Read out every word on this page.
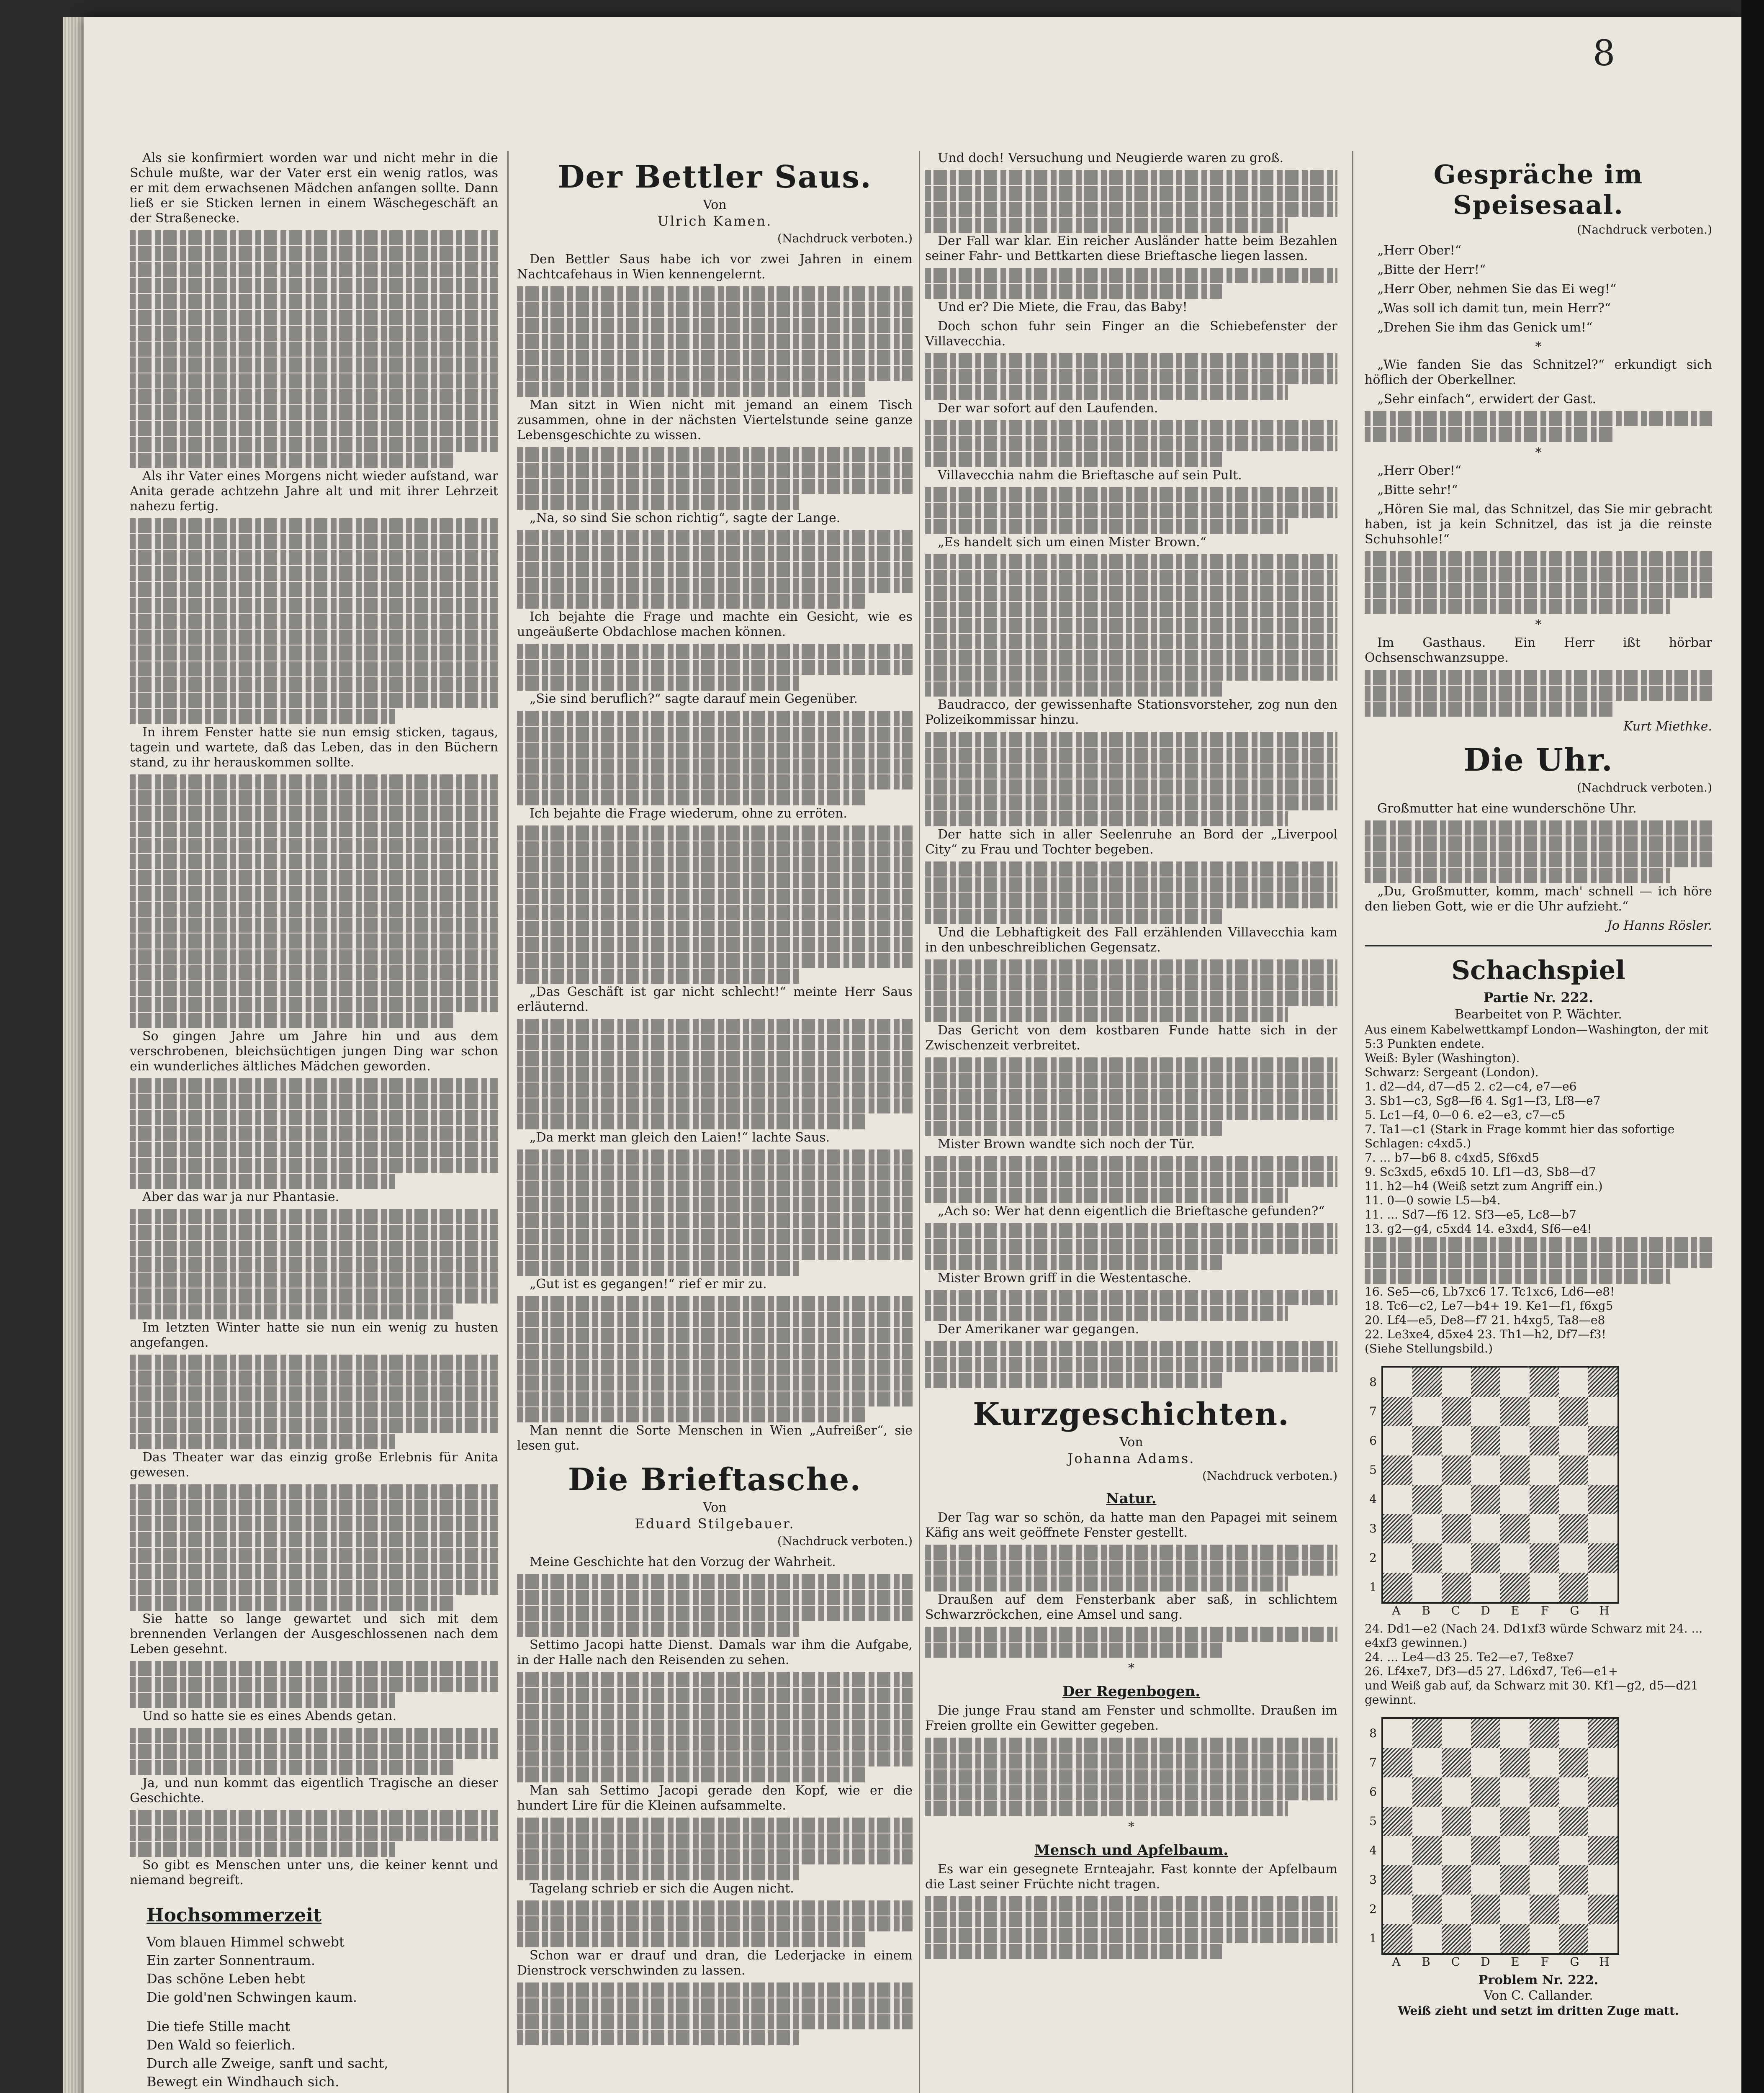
8

Als sie konfirmiert worden war und nicht mehr in die Schule mußte, war der Vater erst ein wenig ratlos, was er mit dem erwachsenen Mädchen anfangen sollte. Dann ließ er sie Sticken lernen in einem Wäschegeschäft an der Straßenecke.

Als ihr Vater eines Morgens nicht wieder aufstand, war Anita gerade achtzehn Jahre alt und mit ihrer Lehrzeit nahezu fertig.

In ihrem Fenster hatte sie nun emsig sticken, tagaus, tagein und wartete, daß das Leben, das in den Büchern stand, zu ihr herauskommen sollte.

So gingen Jahre um Jahre hin und aus dem verschrobenen, bleichsüchtigen jungen Ding war schon ein wunderliches ältliches Mädchen geworden.

Aber das war ja nur Phantasie.

Im letzten Winter hatte sie nun ein wenig zu husten angefangen.

Das Theater war das einzig große Erlebnis für Anita gewesen.

Sie hatte so lange gewartet und sich mit dem brennenden Verlangen der Ausgeschlossenen nach dem Leben gesehnt.

Und so hatte sie es eines Abends getan.

Ja, und nun kommt das eigentlich Tragische an dieser Geschichte.

So gibt es Menschen unter uns, die keiner kennt und niemand begreift.

Hochsommerzeit
Vom blauen Himmel schwebt
Ein zarter Sonnentraum.
Das schöne Leben hebt
Die gold'nen Schwingen kaum.
Die tiefe Stille macht
Den Wald so feierlich.
Durch alle Zweige, sanft und sacht,
Bewegt ein Windhauch sich.
Der Bettler Saus.
Von
Ulrich Kamen.
(Nachdruck verboten.)

Den Bettler Saus habe ich vor zwei Jahren in einem Nachtcafehaus in Wien kennengelernt.

Man sitzt in Wien nicht mit jemand an einem Tisch zusammen, ohne in der nächsten Viertelstunde seine ganze Lebensgeschichte zu wissen.

„Na, so sind Sie schon richtig“, sagte der Lange.

Ich bejahte die Frage und machte ein Gesicht, wie es ungeäußerte Obdachlose machen können.

„Sie sind beruflich?“ sagte darauf mein Gegenüber.

Ich bejahte die Frage wiederum, ohne zu erröten.

„Das Geschäft ist gar nicht schlecht!“ meinte Herr Saus erläuternd.

„Da merkt man gleich den Laien!“ lachte Saus.

„Gut ist es gegangen!“ rief er mir zu.

Man nennt die Sorte Menschen in Wien „Aufreißer“, sie lesen gut.

Die Brieftasche.
Von
Eduard Stilgebauer.
(Nachdruck verboten.)

Meine Geschichte hat den Vorzug der Wahrheit.

Settimo Jacopi hatte Dienst. Damals war ihm die Aufgabe, in der Halle nach den Reisenden zu sehen.

Man sah Settimo Jacopi gerade den Kopf, wie er die hundert Lire für die Kleinen aufsammelte.

Tagelang schrieb er sich die Augen nicht.

Schon war er drauf und dran, die Lederjacke in einem Dienstrock verschwinden zu lassen.

Und doch! Versuchung und Neugierde waren zu groß.

Der Fall war klar. Ein reicher Ausländer hatte beim Bezahlen seiner Fahr- und Bettkarten diese Brieftasche liegen lassen.

Und er? Die Miete, die Frau, das Baby!

Doch schon fuhr sein Finger an die Schiebefenster der Villavecchia.

Der war sofort auf den Laufenden.

Villavecchia nahm die Brieftasche auf sein Pult.

„Es handelt sich um einen Mister Brown.“

Baudracco, der gewissenhafte Stationsvorsteher, zog nun den Polizeikommissar hinzu.

Der hatte sich in aller Seelenruhe an Bord der „Liverpool City“ zu Frau und Tochter begeben.

Und die Lebhaftigkeit des Fall erzählenden Villavecchia kam in den unbeschreiblichen Gegensatz.

Das Gericht von dem kostbaren Funde hatte sich in der Zwischenzeit verbreitet.

Mister Brown wandte sich noch der Tür.

„Ach so: Wer hat denn eigentlich die Brieftasche gefunden?“

Mister Brown griff in die Westentasche.

Der Amerikaner war gegangen.

Kurzgeschichten.
Von
Johanna Adams.
(Nachdruck verboten.)
Natur.

Der Tag war so schön, da hatte man den Papagei mit seinem Käfig ans weit geöffnete Fenster gestellt.

Draußen auf dem Fensterbank aber saß, in schlichtem Schwarzröckchen, eine Amsel und sang.

*
Der Regenbogen.

Die junge Frau stand am Fenster und schmollte. Draußen im Freien grollte ein Gewitter gegeben.

*
Mensch und Apfelbaum.

Es war ein gesegnete Ernteajahr. Fast konnte der Apfelbaum die Last seiner Früchte nicht tragen.

Gespräche im Speisesaal.
(Nachdruck verboten.)

„Herr Ober!“

„Bitte der Herr!“

„Herr Ober, nehmen Sie das Ei weg!“

„Was soll ich damit tun, mein Herr?“

„Drehen Sie ihm das Genick um!“

*

„Wie fanden Sie das Schnitzel?“ erkundigt sich höflich der Oberkellner.

„Sehr einfach“, erwidert der Gast.

*

„Herr Ober!“

„Bitte sehr!“

„Hören Sie mal, das Schnitzel, das Sie mir gebracht haben, ist ja kein Schnitzel, das ist ja die reinste Schuhsohle!“

*

Im Gasthaus. Ein Herr ißt hörbar Ochsenschwanzsuppe.

Kurt Miethke.
Die Uhr.
(Nachdruck verboten.)

Großmutter hat eine wunderschöne Uhr.

„Du, Großmutter, komm, mach' schnell — ich höre den lieben Gott, wie er die Uhr aufzieht.“

Jo Hanns Rösler.
Schachspiel
Partie Nr. 222.
Bearbeitet von P. Wächter.

Aus einem Kabelwettkampf London—Washington, der mit 5:3 Punkten endete.

Weiß: Byler (Washington).

Schwarz: Sergeant (London).

1. d2—d4, d7—d5 2. c2—c4, e7—e6

3. Sb1—c3, Sg8—f6 4. Sg1—f3, Lf8—e7

5. Lc1—f4, 0—0 6. e2—e3, c7—c5

7. Ta1—c1 (Stark in Frage kommt hier das sofortige Schlagen: c4xd5.)

7. ... b7—b6 8. c4xd5, Sf6xd5

9. Sc3xd5, e6xd5 10. Lf1—d3, Sb8—d7

11. h2—h4 (Weiß setzt zum Angriff ein.)

11. 0—0 sowie L5—b4.

11. ... Sd7—f6 12. Sf3—e5, Lc8—b7

13. g2—g4, c5xd4 14. e3xd4, Sf6—e4!

16. Se5—c6, Lb7xc6 17. Tc1xc6, Ld6—e8!

18. Tc6—c2, Le7—b4+ 19. Ke1—f1, f6xg5

20. Lf4—e5, De8—f7 21. h4xg5, Ta8—e8

22. Le3xe4, d5xe4 23. Th1—h2, Df7—f3!

(Siehe Stellungsbild.)

8
7
6
5
4
3
2
1
A	B	C	D	E	F	G	H

24. Dd1—e2 (Nach 24. Dd1xf3 würde Schwarz mit 24. ... e4xf3 gewinnen.)

24. ... Le4—d3 25. Te2—e7, Te8xe7

26. Lf4xe7, Df3—d5 27. Ld6xd7, Te6—e1+

und Weiß gab auf, da Schwarz mit 30. Kf1—g2, d5—d21 gewinnt.

8
7
6
5
4
3
2
1
A	B	C	D	E	F	G	H
Problem Nr. 222.
Von C. Callander.

Weiß zieht und setzt im dritten Zuge matt.
